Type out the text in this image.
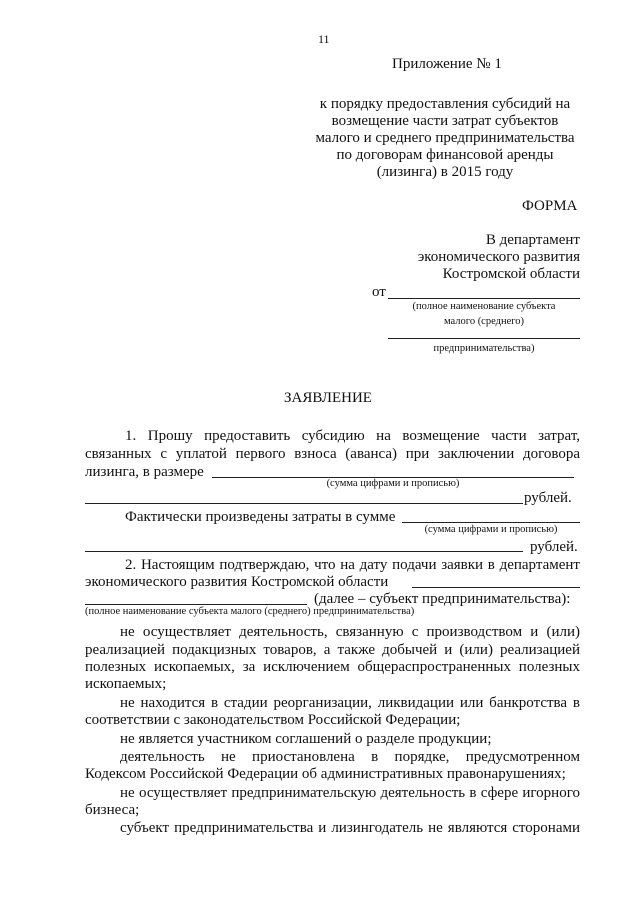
11
Приложение № 1
к порядку предоставления субсидий на
возмещение части затрат субъектов
малого и среднего предпринимательства
по договорам финансовой аренды
(лизинга) в 2015 году
ФОРМА
В департамент
экономического развития
Костромской области
от
(полное наименование субъекта
малого (среднего)
предпринимательства)
ЗАЯВЛЕНИЕ
1. Прошу предоставить субсидию на возмещение части затрат,
связанных с уплатой первого взноса (аванса) при заключении договора
лизинга, в размере
(сумма цифрами и прописью)
рублей.
Фактически произведены затраты в сумме
(сумма цифрами и прописью)
рублей.
2. Настоящим подтверждаю, что на дату подачи заявки в департамент
экономического развития Костромской области
(далее – субъект предпринимательства):
(полное наименование субъекта малого (среднего) предпринимательства)
не осуществляет деятельность, связанную с производством и (или)
реализацией подакцизных товаров, а также добычей и (или) реализацией
полезных ископаемых, за исключением общераспространенных полезных
ископаемых;
не находится в стадии реорганизации, ликвидации или банкротства в
соответствии с законодательством Российской Федерации;
не является участником соглашений о разделе продукции;
деятельность не приостановлена в порядке, предусмотренном
Кодексом Российской Федерации об административных правонарушениях;
не осуществляет предпринимательскую деятельность в сфере игорного
бизнеса;
субъект предпринимательства и лизингодатель не являются сторонами
